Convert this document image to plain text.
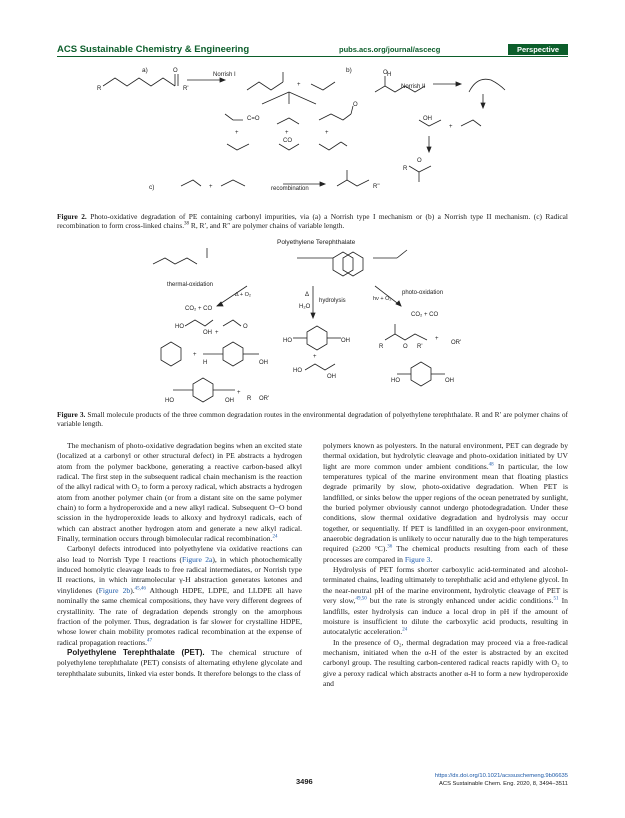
ACS Sustainable Chemistry & Engineering	pubs.acs.org/journal/ascecg	Perspective
a)	b)
c)
Norrish I
Norrish II
recombination
O
R	R'
+
C=O
CO
+	+	+
O
H
O
OH
+
O
R
+	R''
Figure 2. Photo-oxidative degradation of PE containing carbonyl impurities, via (a) a Norrish type I mechanism or (b) a Norrish type II mechanism. (c) Radical recombination to form cross-linked chains.$^{38}$ R, R′, and R″ are polymer chains of variable length.
Polyethylene Terephthalate
thermal-oxidation
photo-oxidation
hydrolysis
Δ
H₂O
Δ + O₂
hν + O₂
CO₂ + CO
CO₂ + CO
HO
OH +
O
+
H	OH
HO	OH
+
R OR'
HO	OH
+
HO
OH
R	O R'
+
OR'
HO	OH
Figure 3. Small molecule products of the three common degradation routes in the environmental degradation of polyethylene terephthalate. R and R′ are polymer chains of variable length.

The mechanism of photo-oxidative degradation begins when an excited state (localized at a carbonyl or other structural defect) in PE abstracts a hydrogen atom from the polymer backbone, generating a reactive carbon-based alkyl radical. The first step in the subsequent radical chain mechanism is the reaction of the alkyl radical with O₂ to form a peroxy radical, which abstracts a hydrogen atom from another polymer chain (or from a distant site on the same polymer chain) to form a hydroperoxide and a new alkyl radical. Subsequent O−O bond scission in the hydroperoxide leads to alkoxy and hydroxyl radicals, each of which can abstract another hydrogen atom and generate a new alkyl radical. Finally, termination occurs through bimolecular radical recombination.$^{24}$

Carbonyl defects introduced into polyethylene via oxidative reactions can also lead to Norrish Type I reactions (Figure 2a), in which photochemically induced homolytic cleavage leads to free radical intermediates, or Norrish type II reactions, in which intramolecular γ-H abstraction generates ketones and vinylidenes (Figure 2b).$^{45,46}$ Although HDPE, LDPE, and LLDPE all have nominally the same chemical compositions, they have very different degrees of crystallinity. The rate of degradation depends strongly on the amorphous fraction of the polymer. Thus, degradation is far slower for crystalline HDPE, whose lower chain mobility promotes radical recombination at the expense of radical propagation reactions.$^{47}$

Polyethylene Terephthalate (PET). The chemical structure of polyethylene terephthalate (PET) consists of alternating ethylene glycolate and terephthalate subunits, linked via ester bonds. It therefore belongs to the class of

polymers known as polyesters. In the natural environment, PET can degrade by thermal oxidation, but hydrolytic cleavage and photo-oxidation initiated by UV light are more common under ambient conditions.$^{48}$ In particular, the low temperatures typical of the marine environment mean that floating plastics degrade primarily by slow, photo-oxidative degradation. When PET is landfilled, or sinks below the upper regions of the ocean penetrated by sunlight, the buried polymer obviously cannot undergo photodegradation. Under these conditions, slow thermal oxidative degradation and hydrolysis may occur together, or sequentially. If PET is landfilled in an oxygen-poor environment, anaerobic degradation is unlikely to occur naturally due to the high temperatures required (≥200 °C).$^{36}$ The chemical products resulting from each of these processes are compared in Figure 3.

Hydrolysis of PET forms shorter carboxylic acid-terminated and alcohol-terminated chains, leading ultimately to terephthalic acid and ethylene glycol. In the near-neutral pH of the marine environment, hydrolytic cleavage of PET is very slow,$^{49,50}$ but the rate is strongly enhanced under acidic conditions.$^{51}$ In landfills, ester hydrolysis can induce a local drop in pH if the amount of moisture is insufficient to dilute the carboxylic acid products, resulting in autocatalytic acceleration.$^{24}$

In the presence of O₂, thermal degradation may proceed via a free-radical mechanism, initiated when the α-H of the ester is abstracted by an excited carbonyl group. The resulting carbon-centered radical reacts rapidly with O₂ to give a peroxy radical which abstracts another α-H to form a new hydroperoxide and

3496
https://dx.doi.org/10.1021/acssuschemeng.9b06635
ACS Sustainable Chem. Eng. 2020, 8, 3494−3511
